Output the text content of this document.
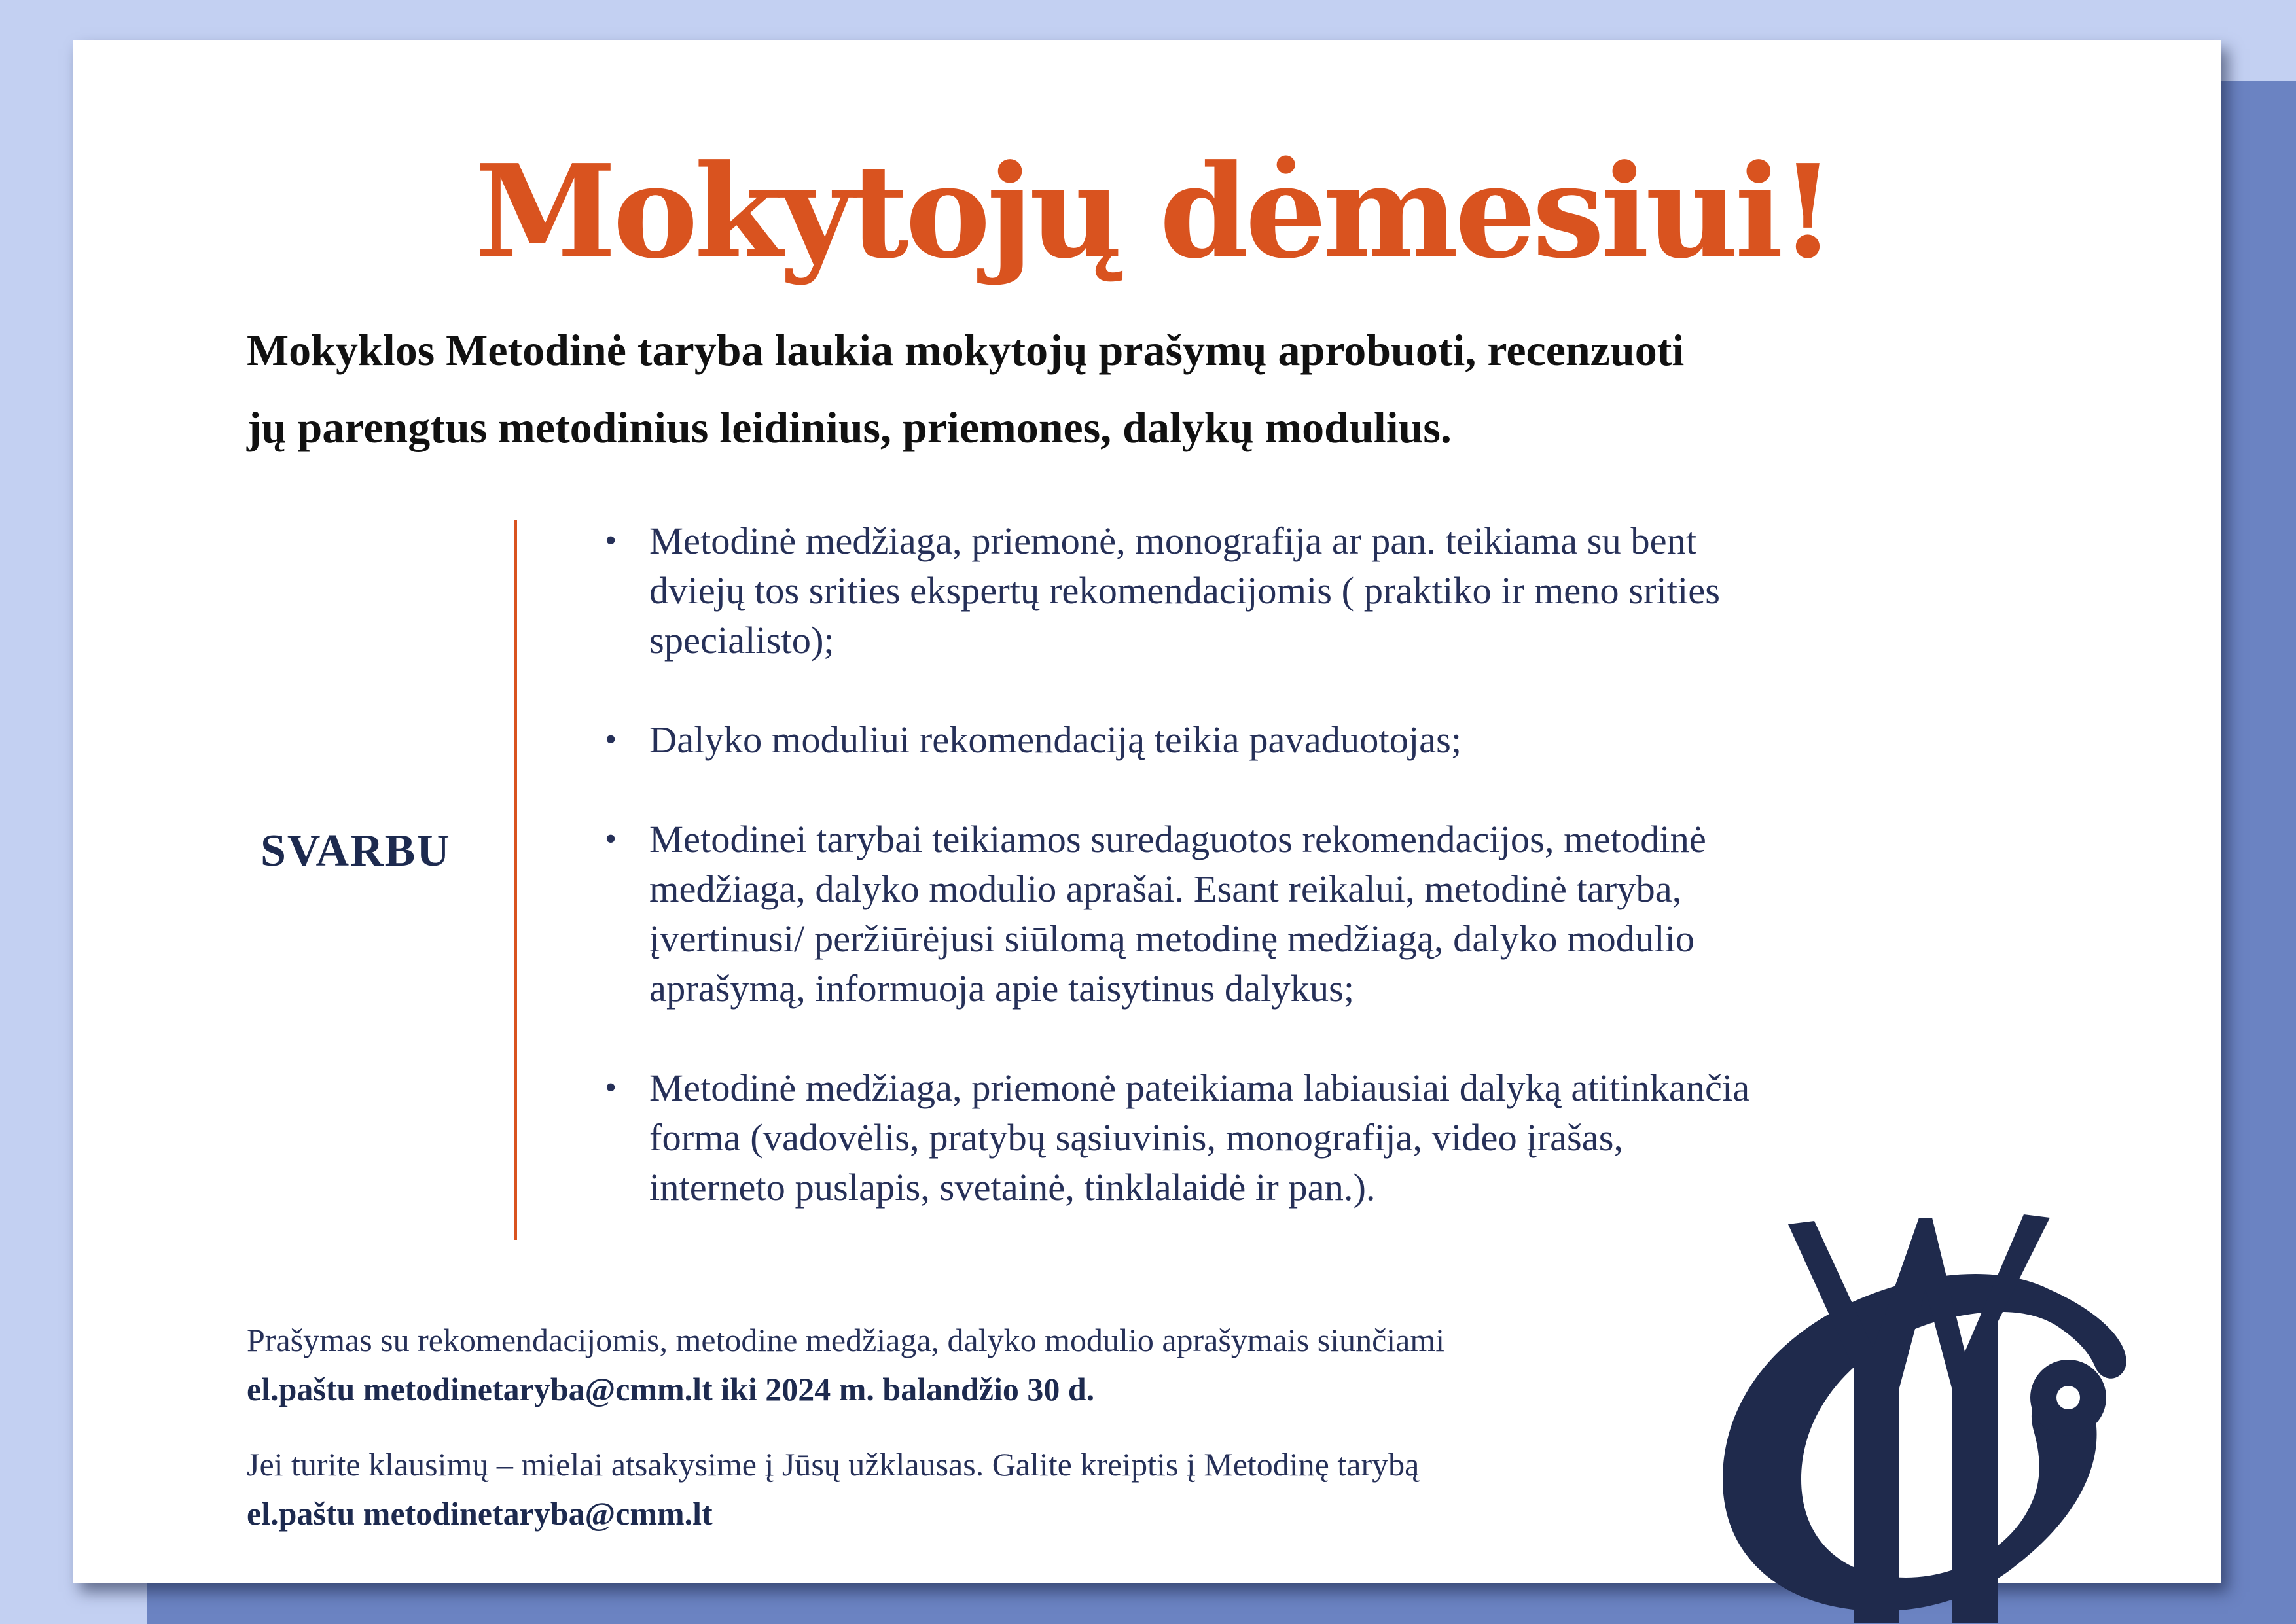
Mokytojų dėmesiui!
Mokyklos Metodinė taryba laukia mokytojų prašymų aprobuoti, recenzuoti
jų parengtus metodinius leidinius, priemones, dalykų modulius.
SVARBU
• Metodinė medžiaga, priemonė, monografija ar pan. teikiama su bent
dviejų tos srities ekspertų rekomendacijomis ( praktiko ir meno srities
specialisto);
• Dalyko moduliui rekomendaciją teikia pavaduotojas;
• Metodinei tarybai teikiamos suredaguotos rekomendacijos, metodinė
medžiaga, dalyko modulio aprašai. Esant reikalui, metodinė taryba,
įvertinusi/ peržiūrėjusi siūlomą metodinę medžiagą, dalyko modulio
aprašymą, informuoja apie taisytinus dalykus;
• Metodinė medžiaga, priemonė pateikiama labiausiai dalyką atitinkančia
forma (vadovėlis, pratybų sąsiuvinis, monografija, video įrašas,
interneto puslapis, svetainė, tinklalaidė ir pan.).
Prašymas su rekomendacijomis, metodine medžiaga, dalyko modulio aprašymais siunčiami
el.paštu metodinetaryba@cmm.lt iki 2024 m. balandžio 30 d.
Jei turite klausimų – mielai atsakysime į Jūsų užklausas. Galite kreiptis į Metodinę tarybą
el.paštu metodinetaryba@cmm.lt
